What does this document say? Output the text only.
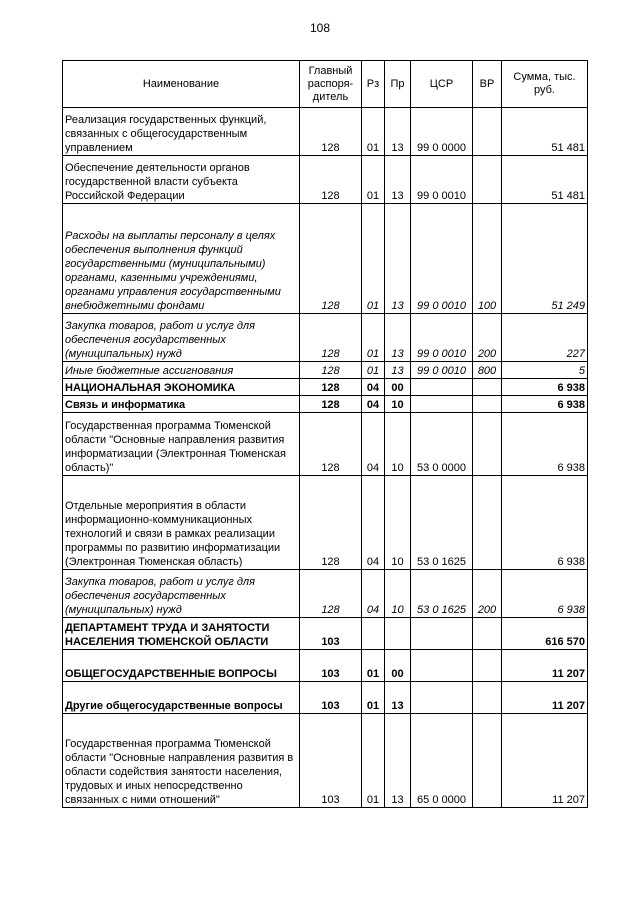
108
Наименование	Главный распоря-дитель	Рз	Пр	ЦСР	ВР	Сумма, тыс. руб.
Реализация государственных функций, связанных с общегосударственным управлением	128	01	13	99 0 0000		51 481
Обеспечение деятельности органов государственной власти субъекта Российской Федерации	128	01	13	99 0 0010		51 481
Расходы на выплаты персоналу в целях обеспечения выполнения функций государственными (муниципальными) органами, казенными учреждениями, органами управления государственными внебюджетными фондами	128	01	13	99 0 0010	100	51 249
Закупка товаров, работ и услуг для обеспечения государственных (муниципальных) нужд	128	01	13	99 0 0010	200	227
Иные бюджетные ассигнования	128	01	13	99 0 0010	800	5
НАЦИОНАЛЬНАЯ ЭКОНОМИКА	128	04	00			6 938
Связь и информатика	128	04	10			6 938
Государственная программа Тюменской области "Основные направления развития информатизации (Электронная Тюменская область)"	128	04	10	53 0 0000		6 938
Отдельные мероприятия в области информационно-коммуникационных технологий и связи в рамках реализации программы по развитию информатизации (Электронная Тюменская область)	128	04	10	53 0 1625		6 938
Закупка товаров, работ и услуг для обеспечения государственных (муниципальных) нужд	128	04	10	53 0 1625	200	6 938
ДЕПАРТАМЕНТ ТРУДА И ЗАНЯТОСТИ НАСЕЛЕНИЯ ТЮМЕНСКОЙ ОБЛАСТИ	103					616 570
ОБЩЕГОСУДАРСТВЕННЫЕ ВОПРОСЫ	103	01	00			11 207
Другие общегосударственные вопросы	103	01	13			11 207
Государственная программа Тюменской области "Основные направления развития в области содействия занятости населения, трудовых и иных непосредственно связанных с ними отношений"	103	01	13	65 0 0000		11 207
